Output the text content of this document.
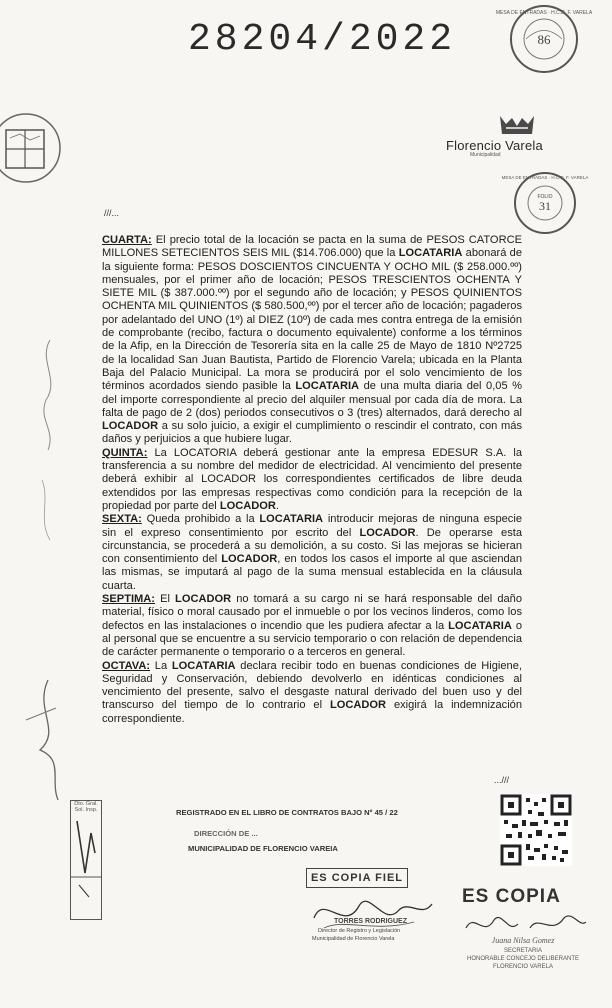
28204/2022	86
MESA DE ENTRADAS · H.C.D. F. VARELA
Florencio Varela
Municipalidad
FOLIO
31
MESA DE ENTRADAS · H.C.D. F. VARELA
///...

CUARTA: El precio total de la locación se pacta en la suma de PESOS CATORCE MILLONES SETECIENTOS SEIS MIL ($14.706.000) que la LOCATARIA abonará de la siguiente forma: PESOS DOSCIENTOS CINCUENTA Y OCHO MIL ($ 258.000.ºº) mensuales, por el primer año de locación; PESOS TRESCIENTOS OCHENTA Y SIETE MIL ($ 387.000.ºº) por el segundo año de locación; y PESOS QUINIENTOS OCHENTA MIL QUINIENTOS ($ 580.500,ºº) por el tercer año de locación; pagaderos por adelantado del UNO (1º) al DIEZ (10º) de cada mes contra entrega de la emisión de comprobante (recibo, factura o documento equivalente) conforme a los términos de la Afip, en la Dirección de Tesorería sita en la calle 25 de Mayo de 1810 Nº2725 de la localidad San Juan Bautista, Partido de Florencio Varela; ubicada en la Planta Baja del Palacio Municipal. La mora se producirá por el solo vencimiento de los términos acordados siendo pasible la LOCATARIA de una multa diaria del 0,05 % del importe correspondiente al precio del alquiler mensual por cada día de mora. La falta de pago de 2 (dos) periodos consecutivos o 3 (tres) alternados, dará derecho al LOCADOR a su solo juicio, a exigir el cumplimiento o rescindir el contrato, con más daños y perjuicios a que hubiere lugar.

QUINTA: La LOCATORIA deberá gestionar ante la empresa EDESUR S.A. la transferencia a su nombre del medidor de electricidad. Al vencimiento del presente deberá exhibir al LOCADOR los correspondientes certificados de libre deuda extendidos por las empresas respectivas como condición para la recepción de la propiedad por parte del LOCADOR.

SEXTA: Queda prohibido a la LOCATARIA introducir mejoras de ninguna especie sin el expreso consentimiento por escrito del LOCADOR. De operarse esta circunstancia, se procederá a su demolición, a su costo. Si las mejoras se hicieran con consentimiento del LOCADOR, en todos los casos el importe al que asciendan las mismas, se imputará al pago de la suma mensual establecida en la cláusula cuarta.

SEPTIMA: El LOCADOR no tomará a su cargo ni se hará responsable del daño material, físico o moral causado por el inmueble o por los vecinos linderos, como los defectos en las instalaciones o incendio que les pudiera afectar a la LOCATARIA o al personal que se encuentre a su servicio temporario o con relación de dependencia de carácter permanente o temporario o a terceros en general.

OCTAVA: La LOCATARIA declara recibir todo en buenas condiciones de Higiene, Seguridad y Conservación, debiendo devolverlo en idénticas condiciones al vencimiento del presente, salvo el desgaste natural derivado del buen uso y del transcurso del tiempo de lo contrario el LOCADOR exigirá la indemnización correspondiente.

...///
Dto. Gral.
Sol. Insp.	REGISTRADO EN EL LIBRO DE CONTRATOS BAJO Nº 45 / 22
DIRECCIÓN DE ...
MUNICIPALIDAD DE FLORENCIO VAREIA
ES COPIA FIEL
TORRES RODRIGUEZ
Director de Registro y Legislación
Municipalidad de Florencio Varela
ES COPIA
Juana Nilsa Gomez
SECRETARIA
HONORABLE CONCEJO DELIBERANTE
FLORENCIO VARELA
